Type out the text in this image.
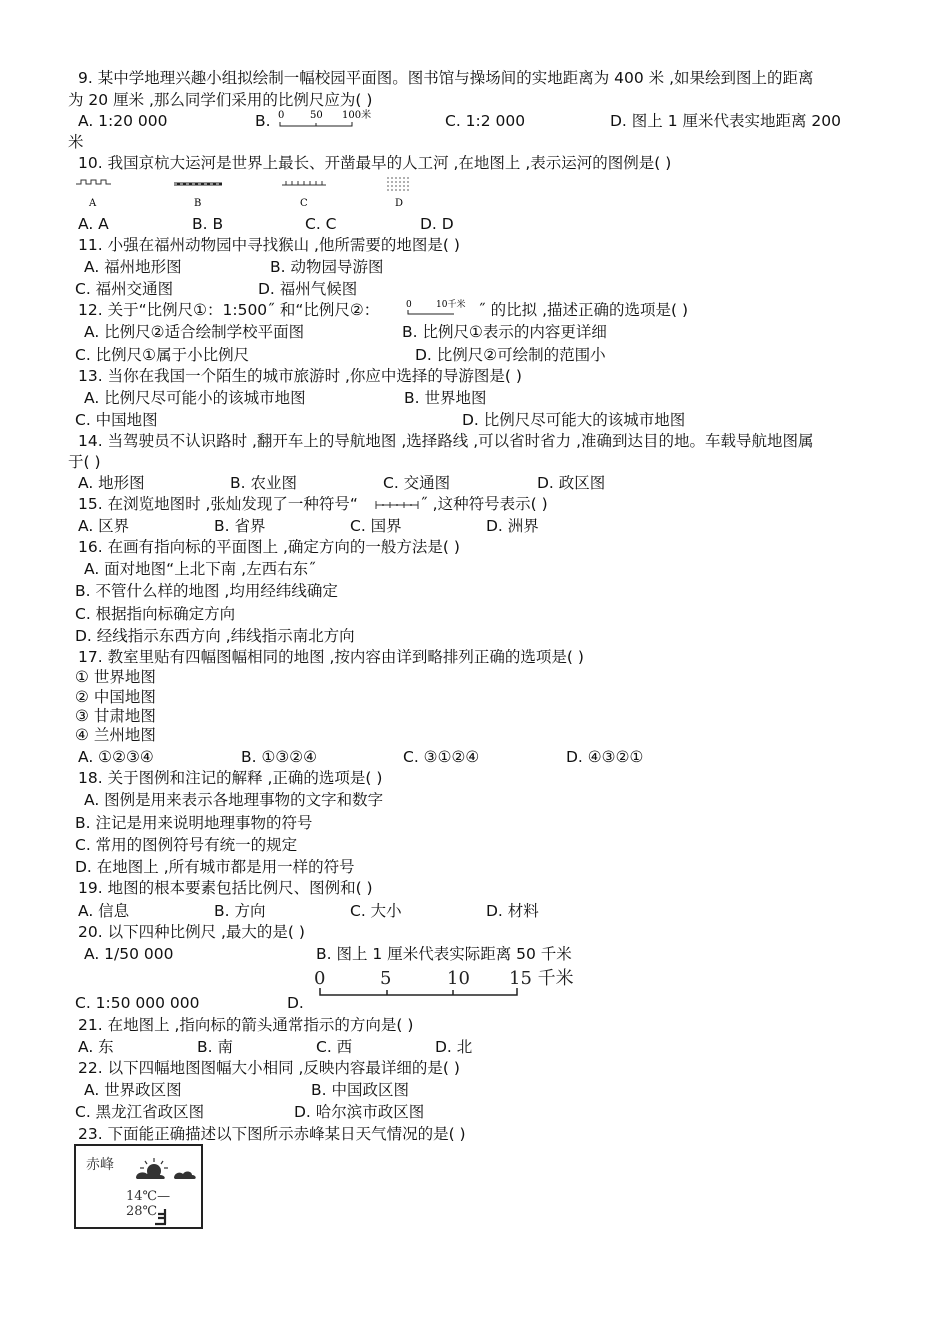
9. 某中学地理兴趣小组拟绘制一幅校园平面图。图书馆与操场间的实地距离为 400 米 ,如果绘到图上的距离
为 20 厘米 ,那么同学们采用的比例尺应为( )
A. 1:20 000	B. 0	50 100米	C. 1:2 000	D. 图上 1 厘米代表实地距离 200
米
10. 我国京杭大运河是世界上最长、开凿最早的人工河 ,在地图上 ,表示运河的图例是( )
A	B	C	D
A. A	B. B	C. C	D. D
11. 小强在福州动物园中寻找猴山 ,他所需要的地图是( )
A. 福州地形图	B. 动物园导游图
C. 福州交通图	D. 福州气候图
12. 关于“比例尺①：1:500˝ 和“比例尺②：	0	10千米 ˝ 的比拟 ,描述正确的选项是( )
A. 比例尺②适合绘制学校平面图	B. 比例尺①表示的内容更详细
C. 比例尺①属于小比例尺	D. 比例尺②可绘制的范围小
13. 当你在我国一个陌生的城市旅游时 ,你应中选择的导游图是( )
A. 比例尺尽可能小的该城市地图	B. 世界地图
C. 中国地图	D. 比例尺尽可能大的该城市地图
14. 当驾驶员不认识路时 ,翻开车上的导航地图 ,选择路线 ,可以省时省力 ,准确到达目的地。车载导航地图属
于( )
A. 地形图	B. 农业图	C. 交通图	D. 政区图
15. 在浏览地图时 ,张灿发现了一种符号“	˝ ,这种符号表示( )
A. 区界	B. 省界	C. 国界	D. 洲界
16. 在画有指向标的平面图上 ,确定方向的一般方法是( )
A. 面对地图“上北下南 ,左西右东˝
B. 不管什么样的地图 ,均用经纬线确定
C. 根据指向标确定方向
D. 经线指示东西方向 ,纬线指示南北方向
17. 教室里贴有四幅图幅相同的地图 ,按内容由详到略排列正确的选项是( )
① 世界地图
② 中国地图
③ 甘肃地图
④ 兰州地图
A. ①②③④	B. ①③②④	C. ③①②④	D. ④③②①
18. 关于图例和注记的解释 ,正确的选项是( )
A. 图例是用来表示各地理事物的文字和数字
B. 注记是用来说明地理事物的符号
C. 常用的图例符号有统一的规定
D. 在地图上 ,所有城市都是用一样的符号
19. 地图的根本要素包括比例尺、图例和( )
A. 信息	B. 方向	C. 大小	D. 材料
20. 以下四种比例尺 ,最大的是( )
A. 1/50 000	B. 图上 1 厘米代表实际距离 50 千米
0	5	10 15 千米
C. 1:50 000 000	D.
21. 在地图上 ,指向标的箭头通常指示的方向是( )
A. 东	B. 南	C. 西	D. 北
22. 以下四幅地图图幅大小相同 ,反映内容最详细的是( )
A. 世界政区图	B. 中国政区图
C. 黑龙江省政区图	D. 哈尔滨市政区图
23. 下面能正确描述以下图所示赤峰某日天气情况的是( )
赤峰
14℃—28℃
